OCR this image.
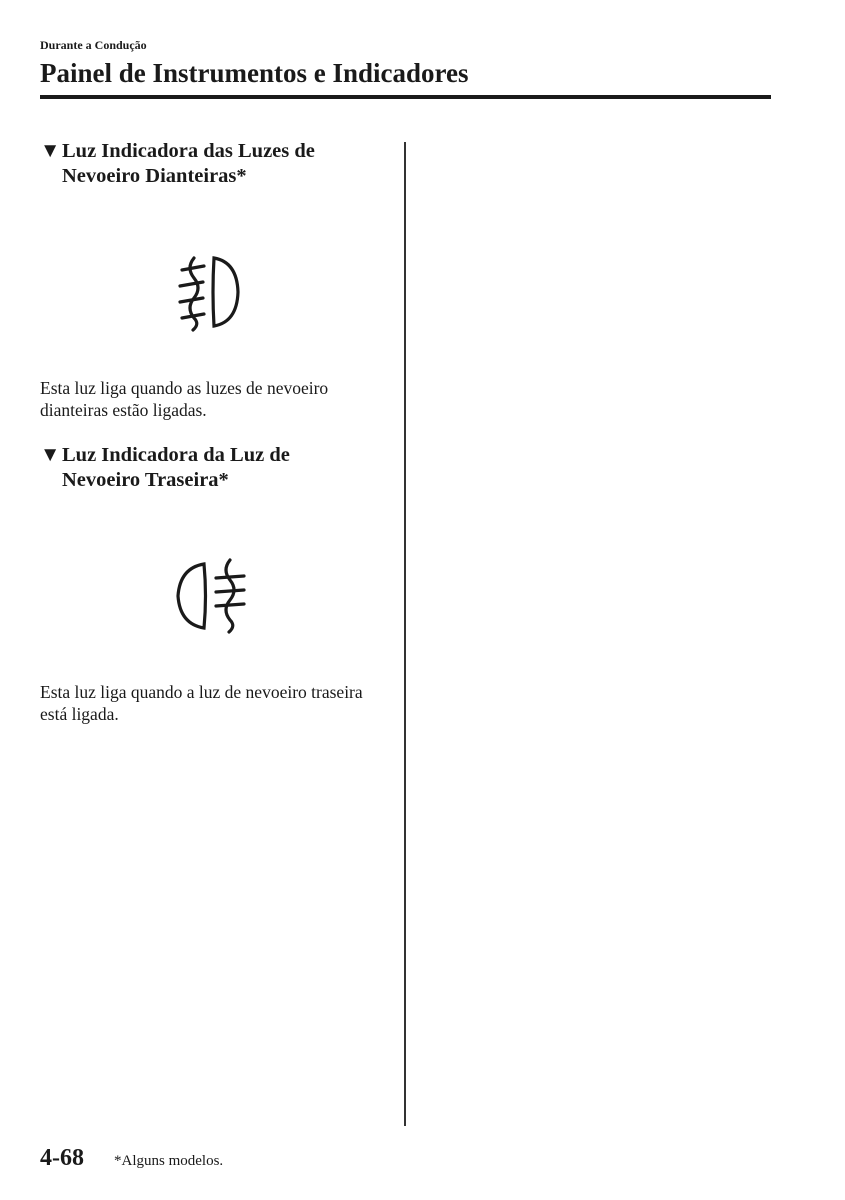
Durante a Condução
Painel de Instrumentos e Indicadores
▼ Luz Indicadora das Luzes de
Nevoeiro Dianteiras*

Esta luz liga quando as luzes de nevoeiro dianteiras estão ligadas.

▼ Luz Indicadora da Luz de
Nevoeiro Traseira*

Esta luz liga quando a luz de nevoeiro traseira está ligada.

4-68 *Alguns modelos.
